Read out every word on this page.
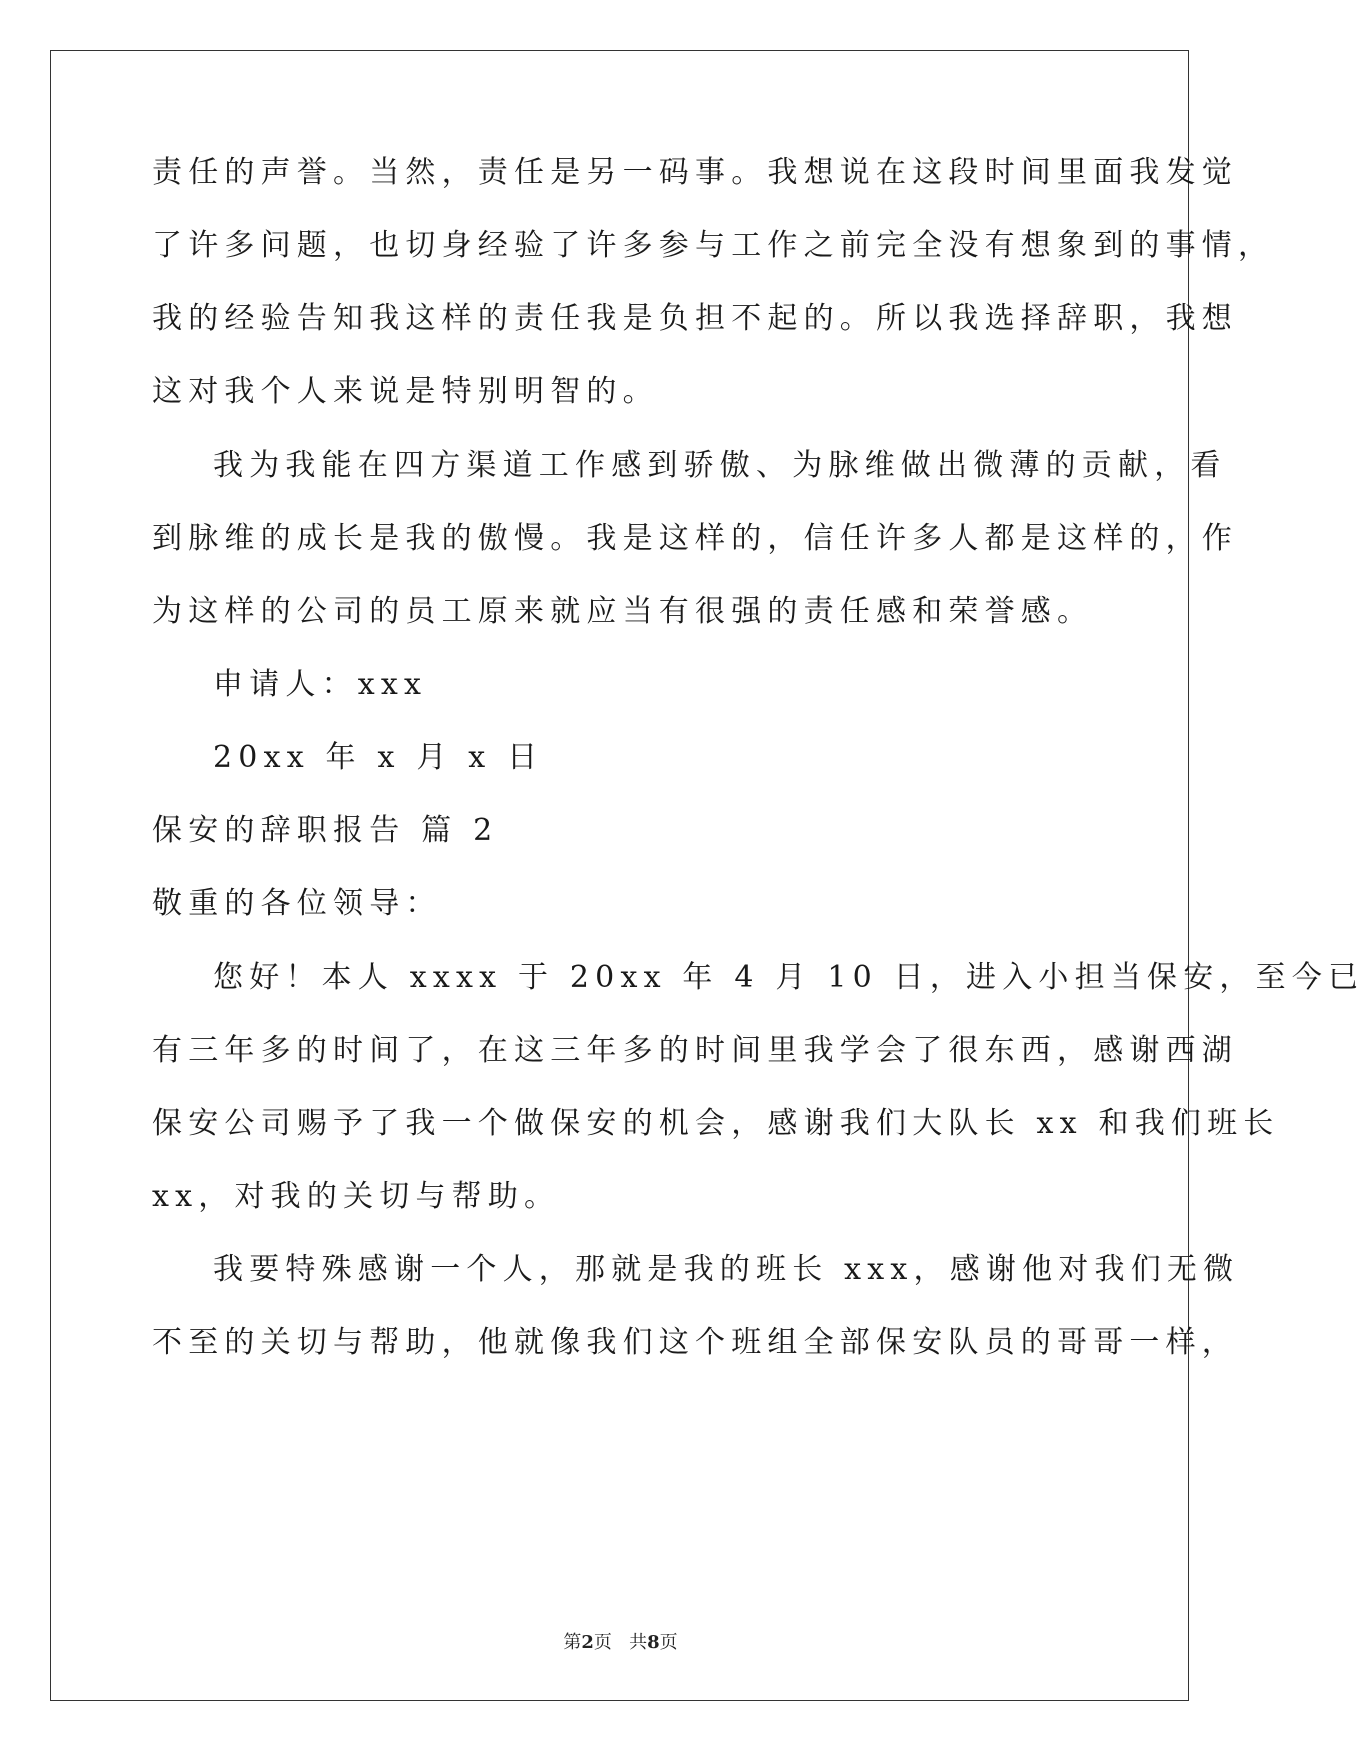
责任的声誉。当然，责任是另一码事。我想说在这段时间里面我发觉
了许多问题，也切身经验了许多参与工作之前完全没有想象到的事情，
我的经验告知我这样的责任我是负担不起的。所以我选择辞职，我想
这对我个人来说是特别明智的。
我为我能在四方渠道工作感到骄傲、为脉维做出微薄的贡献，看
到脉维的成长是我的傲慢。我是这样的，信任许多人都是这样的，作
为这样的公司的员工原来就应当有很强的责任感和荣誉感。
申请人：xxx
20xx 年 x 月 x 日
保安的辞职报告 篇 2
敬重的各位领导：
您好！本人 xxxx 于 20xx 年 4 月 10 日，进入小担当保安，至今已
有三年多的时间了，在这三年多的时间里我学会了很东西，感谢西湖
保安公司赐予了我一个做保安的机会，感谢我们大队长 xx 和我们班长
xx，对我的关切与帮助。
我要特殊感谢一个人，那就是我的班长 xxx，感谢他对我们无微
不至的关切与帮助，他就像我们这个班组全部保安队员的哥哥一样，
第2页 共8页
